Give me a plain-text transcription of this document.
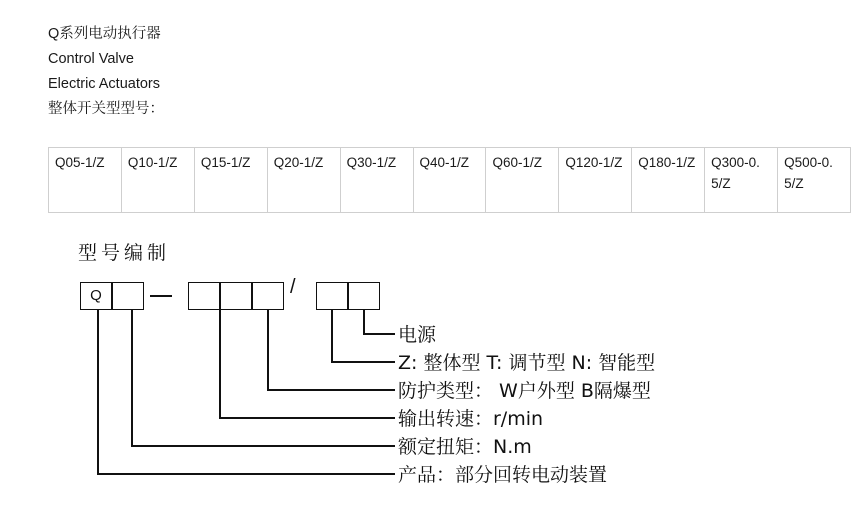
Q系列电动执行器
Control Valve
Electric Actuators
整体开关型型号：
Q05-1/Z	Q10-1/Z	Q15-1/Z	Q20-1/Z	Q30-1/Z	Q40-1/Z	Q60-1/Z	Q120-1/Z	Q180-1/Z	Q300-0.5/Z	Q500-0.5/Z
型号编制
Q	/
电源
Z: 整体型 T: 调节型 N: 智能型
防护类型： W户外型 B隔爆型
输出转速：r/min
额定扭矩：N.m
产品：部分回转电动装置
